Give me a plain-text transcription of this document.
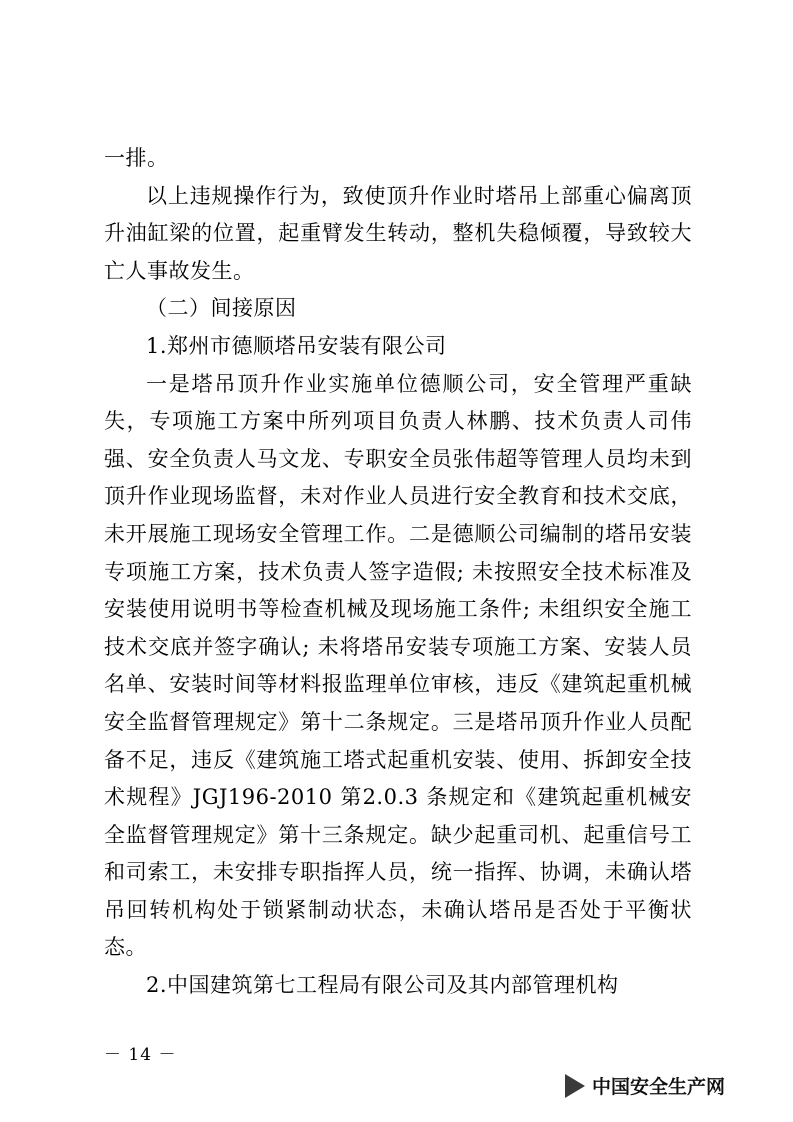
一排。

以上违规操作行为，致使顶升作业时塔吊上部重心偏离顶升油缸梁的位置，起重臂发生转动，整机失稳倾覆，导致较大亡人事故发生。

（二）间接原因

1.郑州市德顺塔吊安装有限公司

一是塔吊顶升作业实施单位德顺公司，安全管理严重缺失，专项施工方案中所列项目负责人林鹏、技术负责人司伟强、安全负责人马文龙、专职安全员张伟超等管理人员均未到顶升作业现场监督，未对作业人员进行安全教育和技术交底，未开展施工现场安全管理工作。二是德顺公司编制的塔吊安装专项施工方案，技术负责人签字造假; 未按照安全技术标准及安装使用说明书等检查机械及现场施工条件; 未组织安全施工技术交底并签字确认; 未将塔吊安装专项施工方案、安装人员名单、安装时间等材料报监理单位审核，违反《建筑起重机械安全监督管理规定》第十二条规定。三是塔吊顶升作业人员配备不足，违反《建筑施工塔式起重机安装、使用、拆卸安全技术规程》JGJ196-2010 第2.0.3 条规定和《建筑起重机械安全监督管理规定》第十三条规定。缺少起重司机、起重信号工和司索工，未安排专职指挥人员，统一指挥、协调，未确认塔吊回转机构处于锁紧制动状态，未确认塔吊是否处于平衡状态。

2.中国建筑第七工程局有限公司及其内部管理机构

－ 14 －
中国安全生产网
